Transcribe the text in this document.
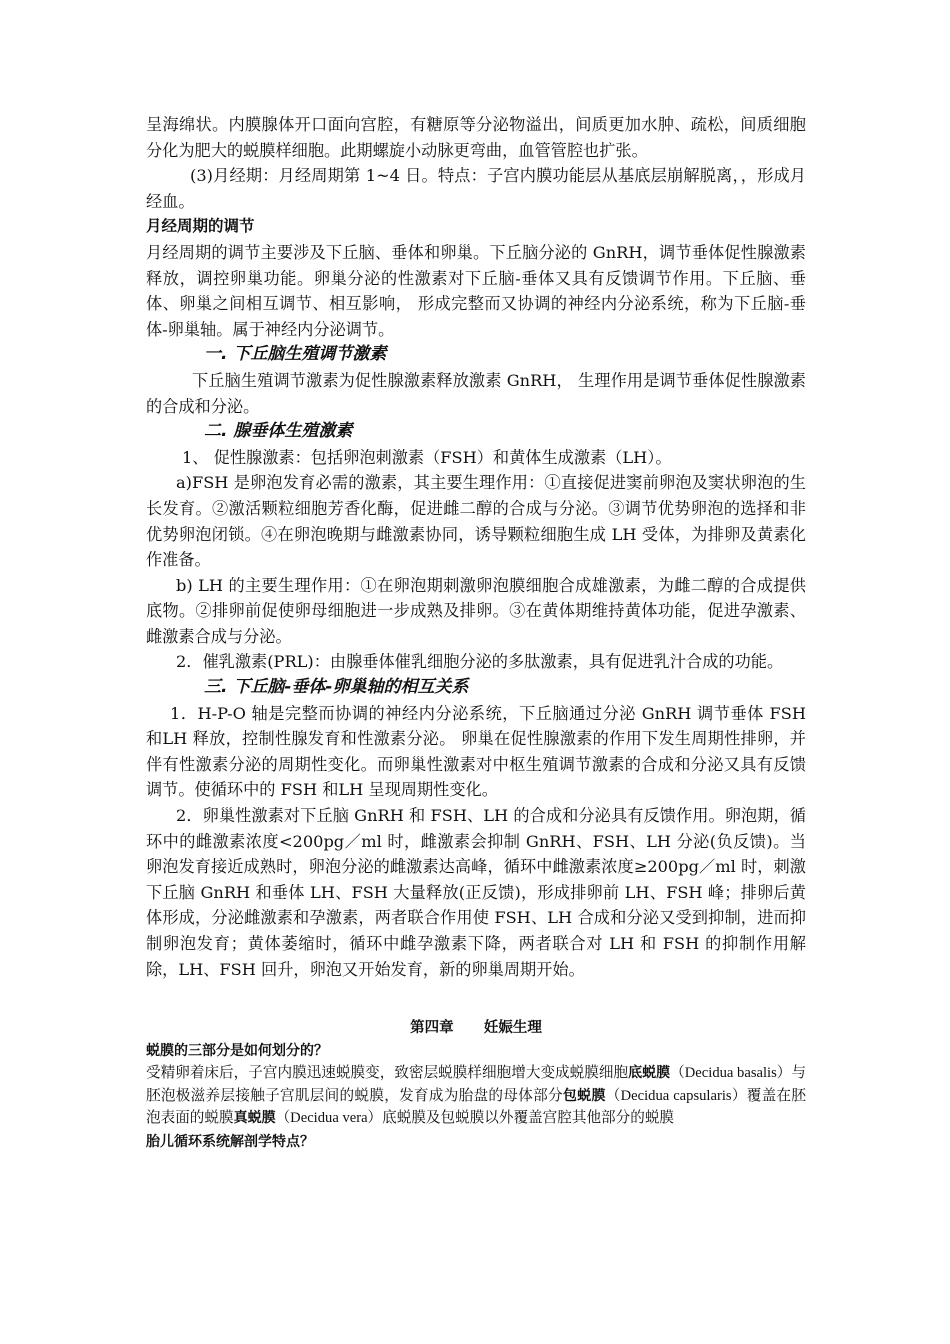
呈海绵状。内膜腺体开口面向宫腔，有糖原等分泌物溢出，间质更加水肿、疏松，间质细胞分化为肥大的蜕膜样细胞。此期螺旋小动脉更弯曲，血管管腔也扩张。

(3)月经期：月经周期第 1~4 日。特点：子宫内膜功能层从基底层崩解脱离，，形成月经血。

月经周期的调节

月经周期的调节主要涉及下丘脑、垂体和卵巢。下丘脑分泌的 GnRH，调节垂体促性腺激素释放，调控卵巢功能。卵巢分泌的性激素对下丘脑-垂体又具有反馈调节作用。下丘脑、垂体、卵巢之间相互调节、相互影响， 形成完整而又协调的神经内分泌系统，称为下丘脑-垂体-卵巢轴。属于神经内分泌调节。

一. 下丘脑生殖调节激素

下丘脑生殖调节激素为促性腺激素释放激素 GnRH， 生理作用是调节垂体促性腺激素的合成和分泌。

二. 腺垂体生殖激素

1、 促性腺激素：包括卵泡刺激素（FSH）和黄体生成激素（LH）。

a)FSH 是卵泡发育必需的激素，其主要生理作用：①直接促进窦前卵泡及窦状卵泡的生长发育。②激活颗粒细胞芳香化酶，促进雌二醇的合成与分泌。③调节优势卵泡的选择和非优势卵泡闭锁。④在卵泡晚期与雌激素协同，诱导颗粒细胞生成 LH 受体，为排卵及黄素化作准备。

b) LH 的主要生理作用：①在卵泡期刺激卵泡膜细胞合成雄激素，为雌二醇的合成提供底物。②排卵前促使卵母细胞进一步成熟及排卵。③在黄体期维持黄体功能，促进孕激素、雌激素合成与分泌。

2．催乳激素(PRL)：由腺垂体催乳细胞分泌的多肽激素，具有促进乳汁合成的功能。

三. 下丘脑-垂体-卵巢轴的相互关系

1．H-P-O 轴是完整而协调的神经内分泌系统，下丘脑通过分泌 GnRH 调节垂体 FSH 和LH 释放，控制性腺发育和性激素分泌。 卵巢在促性腺激素的作用下发生周期性排卵，并伴有性激素分泌的周期性变化。而卵巢性激素对中枢生殖调节激素的合成和分泌又具有反馈调节。使循环中的 FSH 和LH 呈现周期性变化。

2．卵巢性激素对下丘脑 GnRH 和 FSH、LH 的合成和分泌具有反馈作用。卵泡期，循环中的雌激素浓度<200pg／ml 时，雌激素会抑制 GnRH、FSH、LH 分泌(负反馈)。当卵泡发育接近成熟时，卵泡分泌的雌激素达高峰，循环中雌激素浓度≥200pg／ml 时，刺激下丘脑 GnRH 和垂体 LH、FSH 大量释放(正反馈)，形成排卵前 LH、FSH 峰；排卵后黄体形成，分泌雌激素和孕激素，两者联合作用使 FSH、LH 合成和分泌又受到抑制，进而抑制卵泡发育；黄体萎缩时，循环中雌孕激素下降，两者联合对 LH 和 FSH 的抑制作用解除，LH、FSH 回升，卵泡又开始发育，新的卵巢周期开始。

第四章      妊娠生理

蜕膜的三部分是如何划分的？

受精卵着床后，子宫内膜迅速蜕膜变，致密层蜕膜样细胞增大变成蜕膜细胞底蜕膜（Decidua basalis）与胚泡极滋养层接触子宫肌层间的蜕膜，发育成为胎盘的母体部分包蜕膜（Decidua capsularis）覆盖在胚泡表面的蜕膜真蜕膜（Decidua vera）底蜕膜及包蜕膜以外覆盖宫腔其他部分的蜕膜

胎儿循环系统解剖学特点？
